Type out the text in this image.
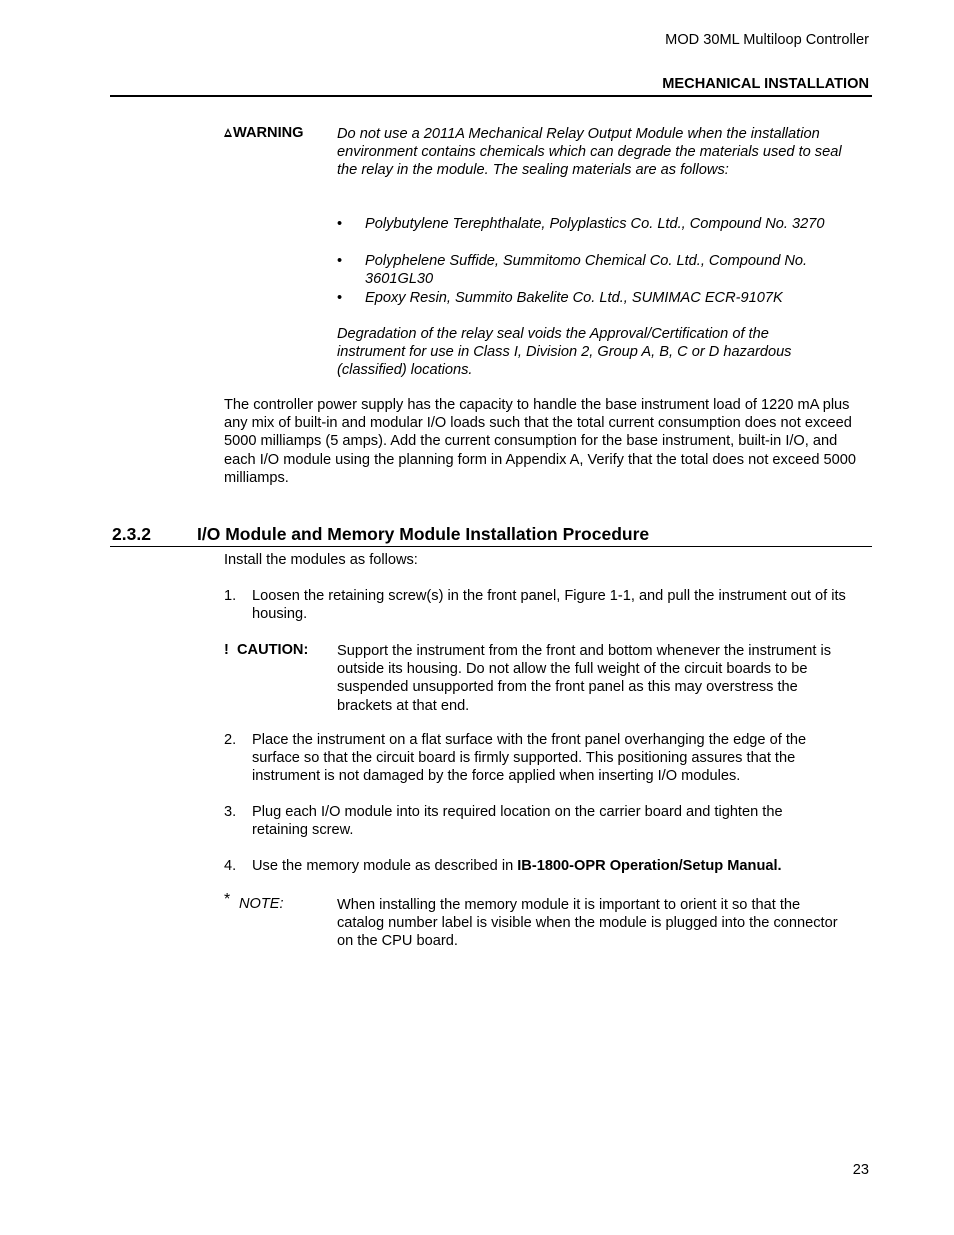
MOD 30ML Multiloop Controller
MECHANICAL INSTALLATION
WARNING Do not use a 2011A Mechanical Relay Output Module when the installation environment contains chemicals which can degrade the materials used to seal the relay in the module. The sealing materials are as follows:
• Polybutylene Terephthalate, Polyplastics Co. Ltd., Compound No. 3270
• Polyphelene Suffide, Summitomo Chemical Co. Ltd., Compound No. 3601GL30
• Epoxy Resin, Summito Bakelite Co. Ltd., SUMIMAC ECR-9107K
Degradation of the relay seal voids the Approval/Certification of the instrument for use in Class I, Division 2, Group A, B, C or D hazardous (classified) locations.
The controller power supply has the capacity to handle the base instrument load of 1220 mA plus any mix of built-in and modular I/O loads such that the total current consumption does not exceed 5000 milliamps (5 amps). Add the current consumption for the base instrument, built-in I/O, and each I/O module using the planning form in Appendix A, Verify that the total does not exceed 5000 milliamps.
2.3.2	I/O Module and Memory Module Installation Procedure
Install the modules as follows:
1. Loosen the retaining screw(s) in the front panel, Figure 1-1, and pull the instrument out of its housing.
! CAUTION: Support the instrument from the front and bottom whenever the instrument is outside its housing. Do not allow the full weight of the circuit boards to be suspended unsupported from the front panel as this may overstress the brackets at that end.
2. Place the instrument on a flat surface with the front panel overhanging the edge of the surface so that the circuit board is firmly supported. This positioning assures that the instrument is not damaged by the force applied when inserting I/O modules.
3. Plug each I/O module into its required location on the carrier board and tighten the retaining screw.
4. Use the memory module as described in IB-1800-OPR Operation/Setup Manual.
* NOTE:	When installing the memory module it is important to orient it so that the catalog number label is visible when the module is plugged into the connector on the CPU board.
23
